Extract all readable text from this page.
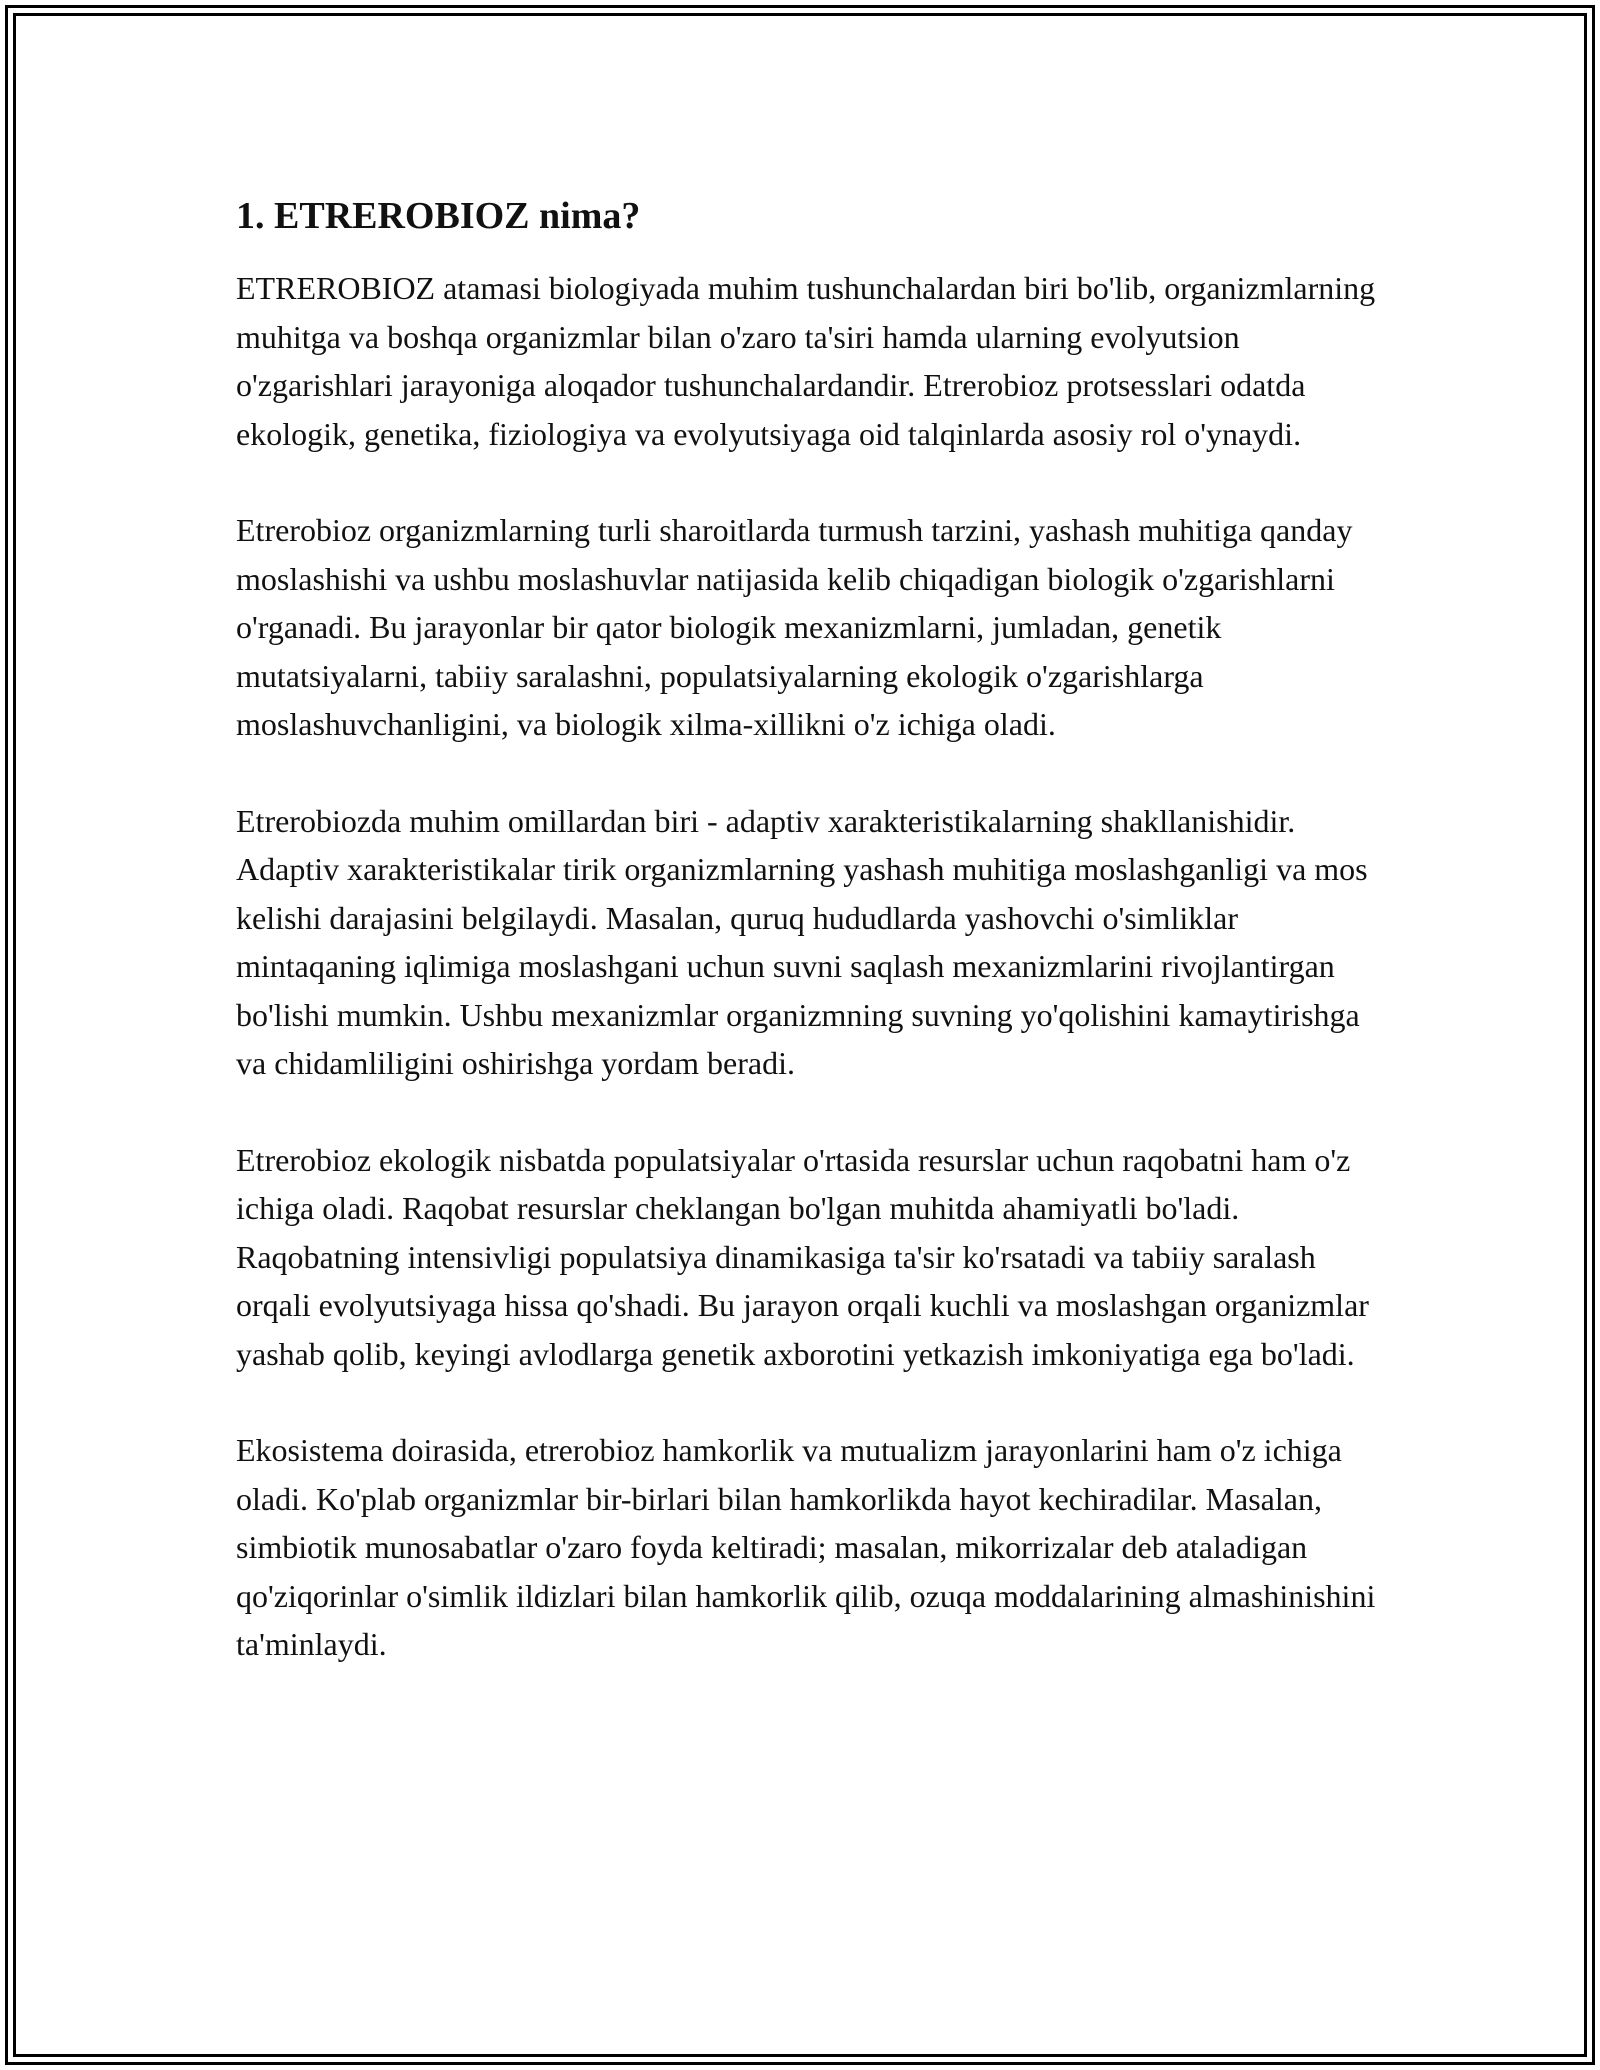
1. ETREROBIOZ nima?

ETREROBIOZ atamasi biologiyada muhim tushunchalardan biri bo'lib, organizmlarning muhitga va boshqa organizmlar bilan o'zaro ta'siri hamda ularning evolyutsion o'zgarishlari jarayoniga aloqador tushunchalardandir. Etrerobioz protsesslari odatda ekologik, genetika, fiziologiya va evolyutsiyaga oid talqinlarda asosiy rol o'ynaydi.

Etrerobioz organizmlarning turli sharoitlarda turmush tarzini, yashash muhitiga qanday moslashishi va ushbu moslashuvlar natijasida kelib chiqadigan biologik o'zgarishlarni o'rganadi. Bu jarayonlar bir qator biologik mexanizmlarni, jumladan, genetik mutatsiyalarni, tabiiy saralashni, populatsiyalarning ekologik o'zgarishlarga moslashuvchanligini, va biologik xilma-xillikni o'z ichiga oladi.

Etrerobiozda muhim omillardan biri - adaptiv xarakteristikalarning shakllanishidir. Adaptiv xarakteristikalar tirik organizmlarning yashash muhitiga moslashganligi va mos kelishi darajasini belgilaydi. Masalan, quruq hududlarda yashovchi o'simliklar mintaqaning iqlimiga moslashgani uchun suvni saqlash mexanizmlarini rivojlantirgan bo'lishi mumkin. Ushbu mexanizmlar organizmning suvning yo'qolishini kamaytirishga va chidamliligini oshirishga yordam beradi.

Etrerobioz ekologik nisbatda populatsiyalar o'rtasida resurslar uchun raqobatni ham o'z ichiga oladi. Raqobat resurslar cheklangan bo'lgan muhitda ahamiyatli bo'ladi. Raqobatning intensivligi populatsiya dinamikasiga ta'sir ko'rsatadi va tabiiy saralash orqali evolyutsiyaga hissa qo'shadi. Bu jarayon orqali kuchli va moslashgan organizmlar yashab qolib, keyingi avlodlarga genetik axborotini yetkazish imkoniyatiga ega bo'ladi.

Ekosistema doirasida, etrerobioz hamkorlik va mutualizm jarayonlarini ham o'z ichiga oladi. Ko'plab organizmlar bir-birlari bilan hamkorlikda hayot kechiradilar. Masalan, simbiotik munosabatlar o'zaro foyda keltiradi; masalan, mikorrizalar deb ataladigan qo'ziqorinlar o'simlik ildizlari bilan hamkorlik qilib, ozuqa moddalarining almashinishini ta'minlaydi.
